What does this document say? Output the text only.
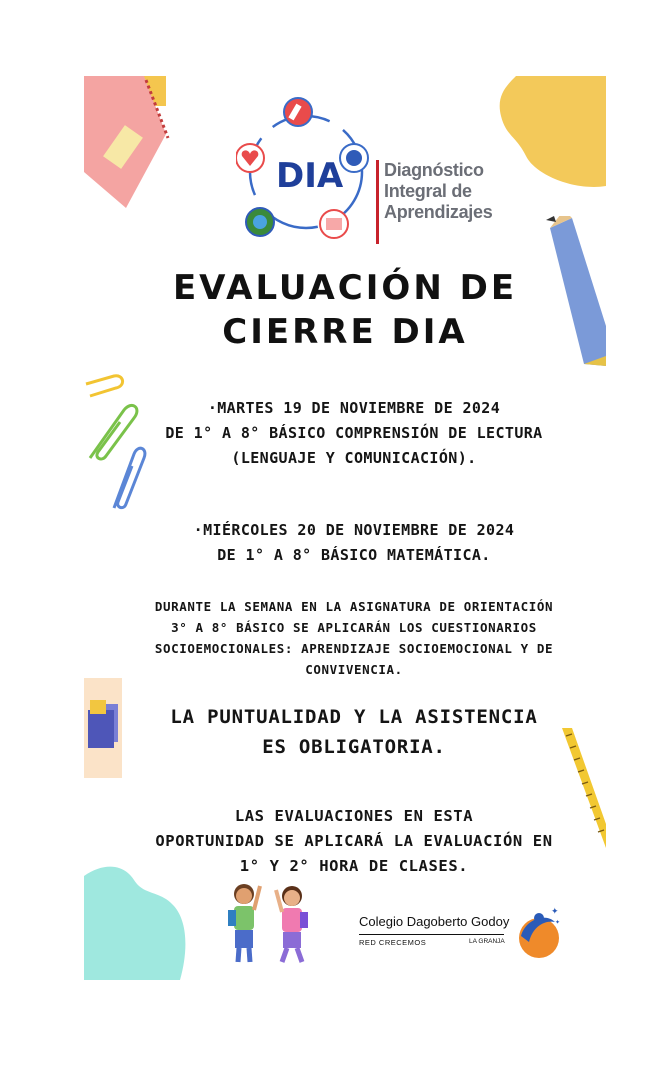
DIA Diagnóstico
Integral de
Aprendizajes
EVALUACIÓN DE
CIERRE DIA
·MARTES 19 DE NOVIEMBRE DE 2024
DE 1° A 8° BÁSICO COMPRENSIÓN DE LECTURA
(LENGUAJE Y COMUNICACIÓN).
·MIÉRCOLES 20 DE NOVIEMBRE DE 2024
DE 1° A 8° BÁSICO MATEMÁTICA.
DURANTE LA SEMANA EN LA ASIGNATURA DE ORIENTACIÓN
3° A 8° BÁSICO SE APLICARÁN LOS CUESTIONARIOS
SOCIOEMOCIONALES: APRENDIZAJE SOCIOEMOCIONAL Y DE
CONVIVENCIA.
LA PUNTUALIDAD Y LA ASISTENCIA
ES OBLIGATORIA.
LAS EVALUACIONES EN ESTA
OPORTUNIDAD SE APLICARÁ LA EVALUACIÓN EN
1° Y 2° HORA DE CLASES.
Colegio Dagoberto Godoy
RED CRECEMOS	LA GRANJA
✦
✦
